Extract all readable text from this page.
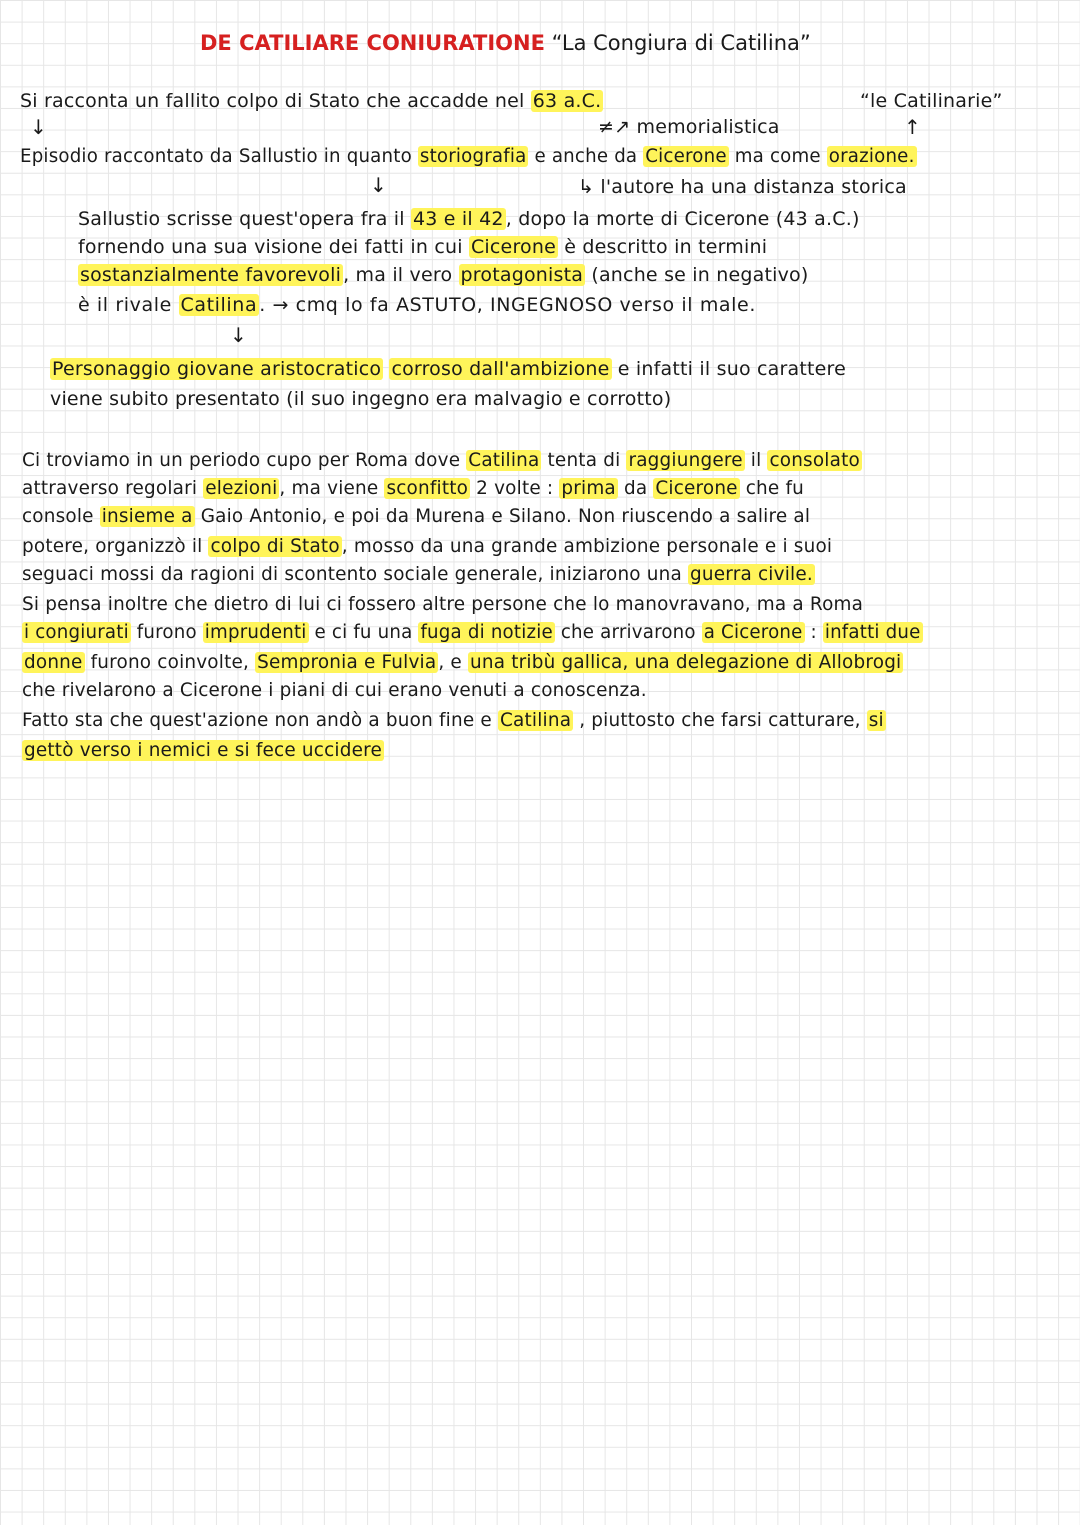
DE CATILIARE CONIURATIONE “La Congiura di Catilina”
Si racconta un fallito colpo di Stato che accadde nel 63 a.C.	“le Catilinarie”
↓	≠↗ memorialistica	↑
Episodio raccontato da Sallustio in quanto storiografia e anche da Cicerone ma come orazione.
↓	↳ l'autore ha una distanza storica
Sallustio scrisse quest'opera fra il 43 e il 42 , dopo la morte di Cicerone (43 a.C.)
fornendo una sua visione dei fatti in cui Cicerone è descritto in termini
sostanzialmente favorevoli , ma il vero protagonista (anche se in negativo)
è il rivale Catilina . → cmq lo fa ASTUTO, INGEGNOSO verso il male.
↓
Personaggio giovane aristocratico corroso dall'ambizione e infatti il suo carattere
viene subito presentato (il suo ingegno era malvagio e corrotto)
Ci troviamo in un periodo cupo per Roma dove Catilina tenta di raggiungere il consolato
attraverso regolari elezioni , ma viene sconfitto 2 volte : prima da Cicerone che fu
console insieme a Gaio Antonio, e poi da Murena e Silano. Non riuscendo a salire al
potere, organizzò il colpo di Stato , mosso da una grande ambizione personale e i suoi
seguaci mossi da ragioni di scontento sociale generale, iniziarono una guerra civile.
Si pensa inoltre che dietro di lui ci fossero altre persone che lo manovravano, ma a Roma
i congiurati furono imprudenti e ci fu una fuga di notizie che arrivarono a Cicerone : infatti due
donne furono coinvolte, Sempronia e Fulvia , e una tribù gallica, una delegazione di Allobrogi
che rivelarono a Cicerone i piani di cui erano venuti a conoscenza.
Fatto sta che quest'azione non andò a buon fine e Catilina , piuttosto che farsi catturare, si
gettò verso i nemici e si fece uccidere
